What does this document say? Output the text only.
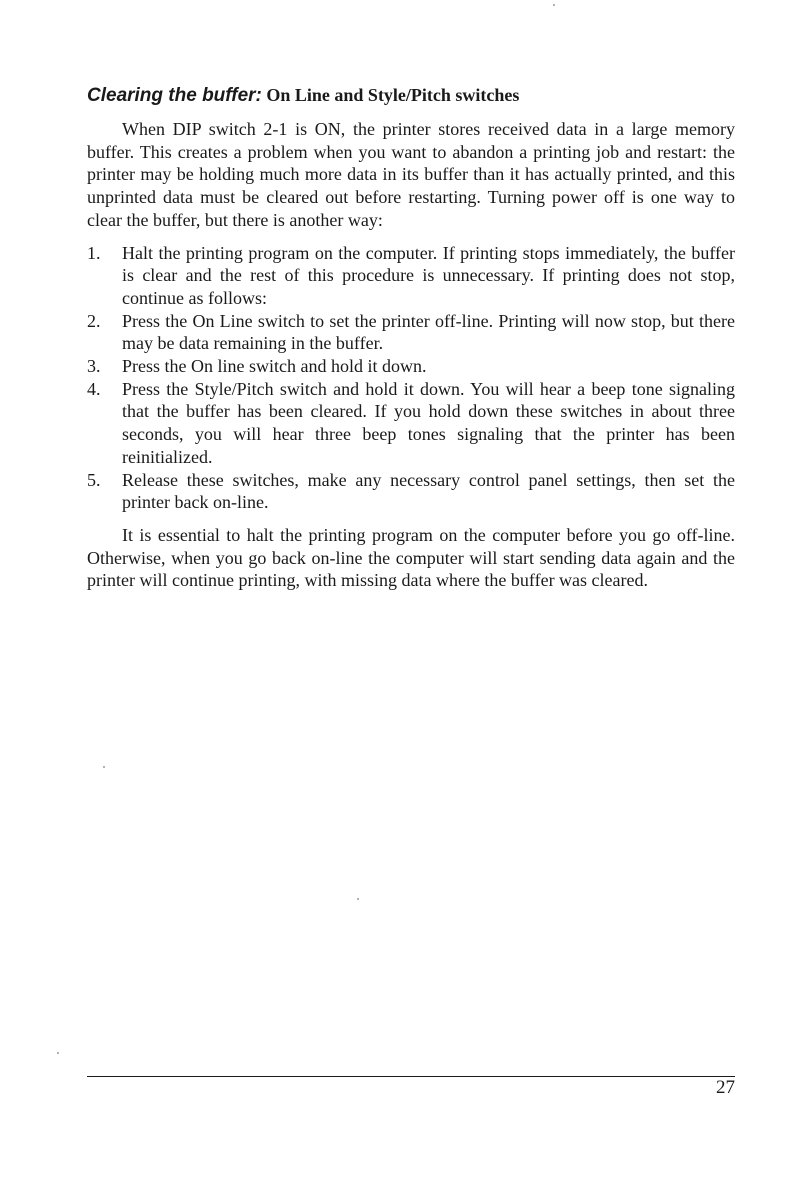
Clearing the buffer: On Line and Style/Pitch switches

When DIP switch 2-1 is ON, the printer stores received data in a large memory buffer. This creates a problem when you want to abandon a printing job and restart: the printer may be holding much more data in its buffer than it has actually printed, and this unprinted data must be cleared out before restarting. Turning power off is one way to clear the buffer, but there is another way:

1. Halt the printing program on the computer. If printing stops immediately, the buffer is clear and the rest of this procedure is unnecessary. If printing does not stop, continue as follows:
2. Press the On Line switch to set the printer off-line. Printing will now stop, but there may be data remaining in the buffer.
3. Press the On line switch and hold it down.
4. Press the Style/Pitch switch and hold it down. You will hear a beep tone signaling that the buffer has been cleared. If you hold down these switches in about three seconds, you will hear three beep tones signaling that the printer has been reinitialized.
5. Release these switches, make any necessary control panel settings, then set the printer back on-line.

It is essential to halt the printing program on the computer before you go off-line. Otherwise, when you go back on-line the computer will start sending data again and the printer will continue printing, with missing data where the buffer was cleared.

27
